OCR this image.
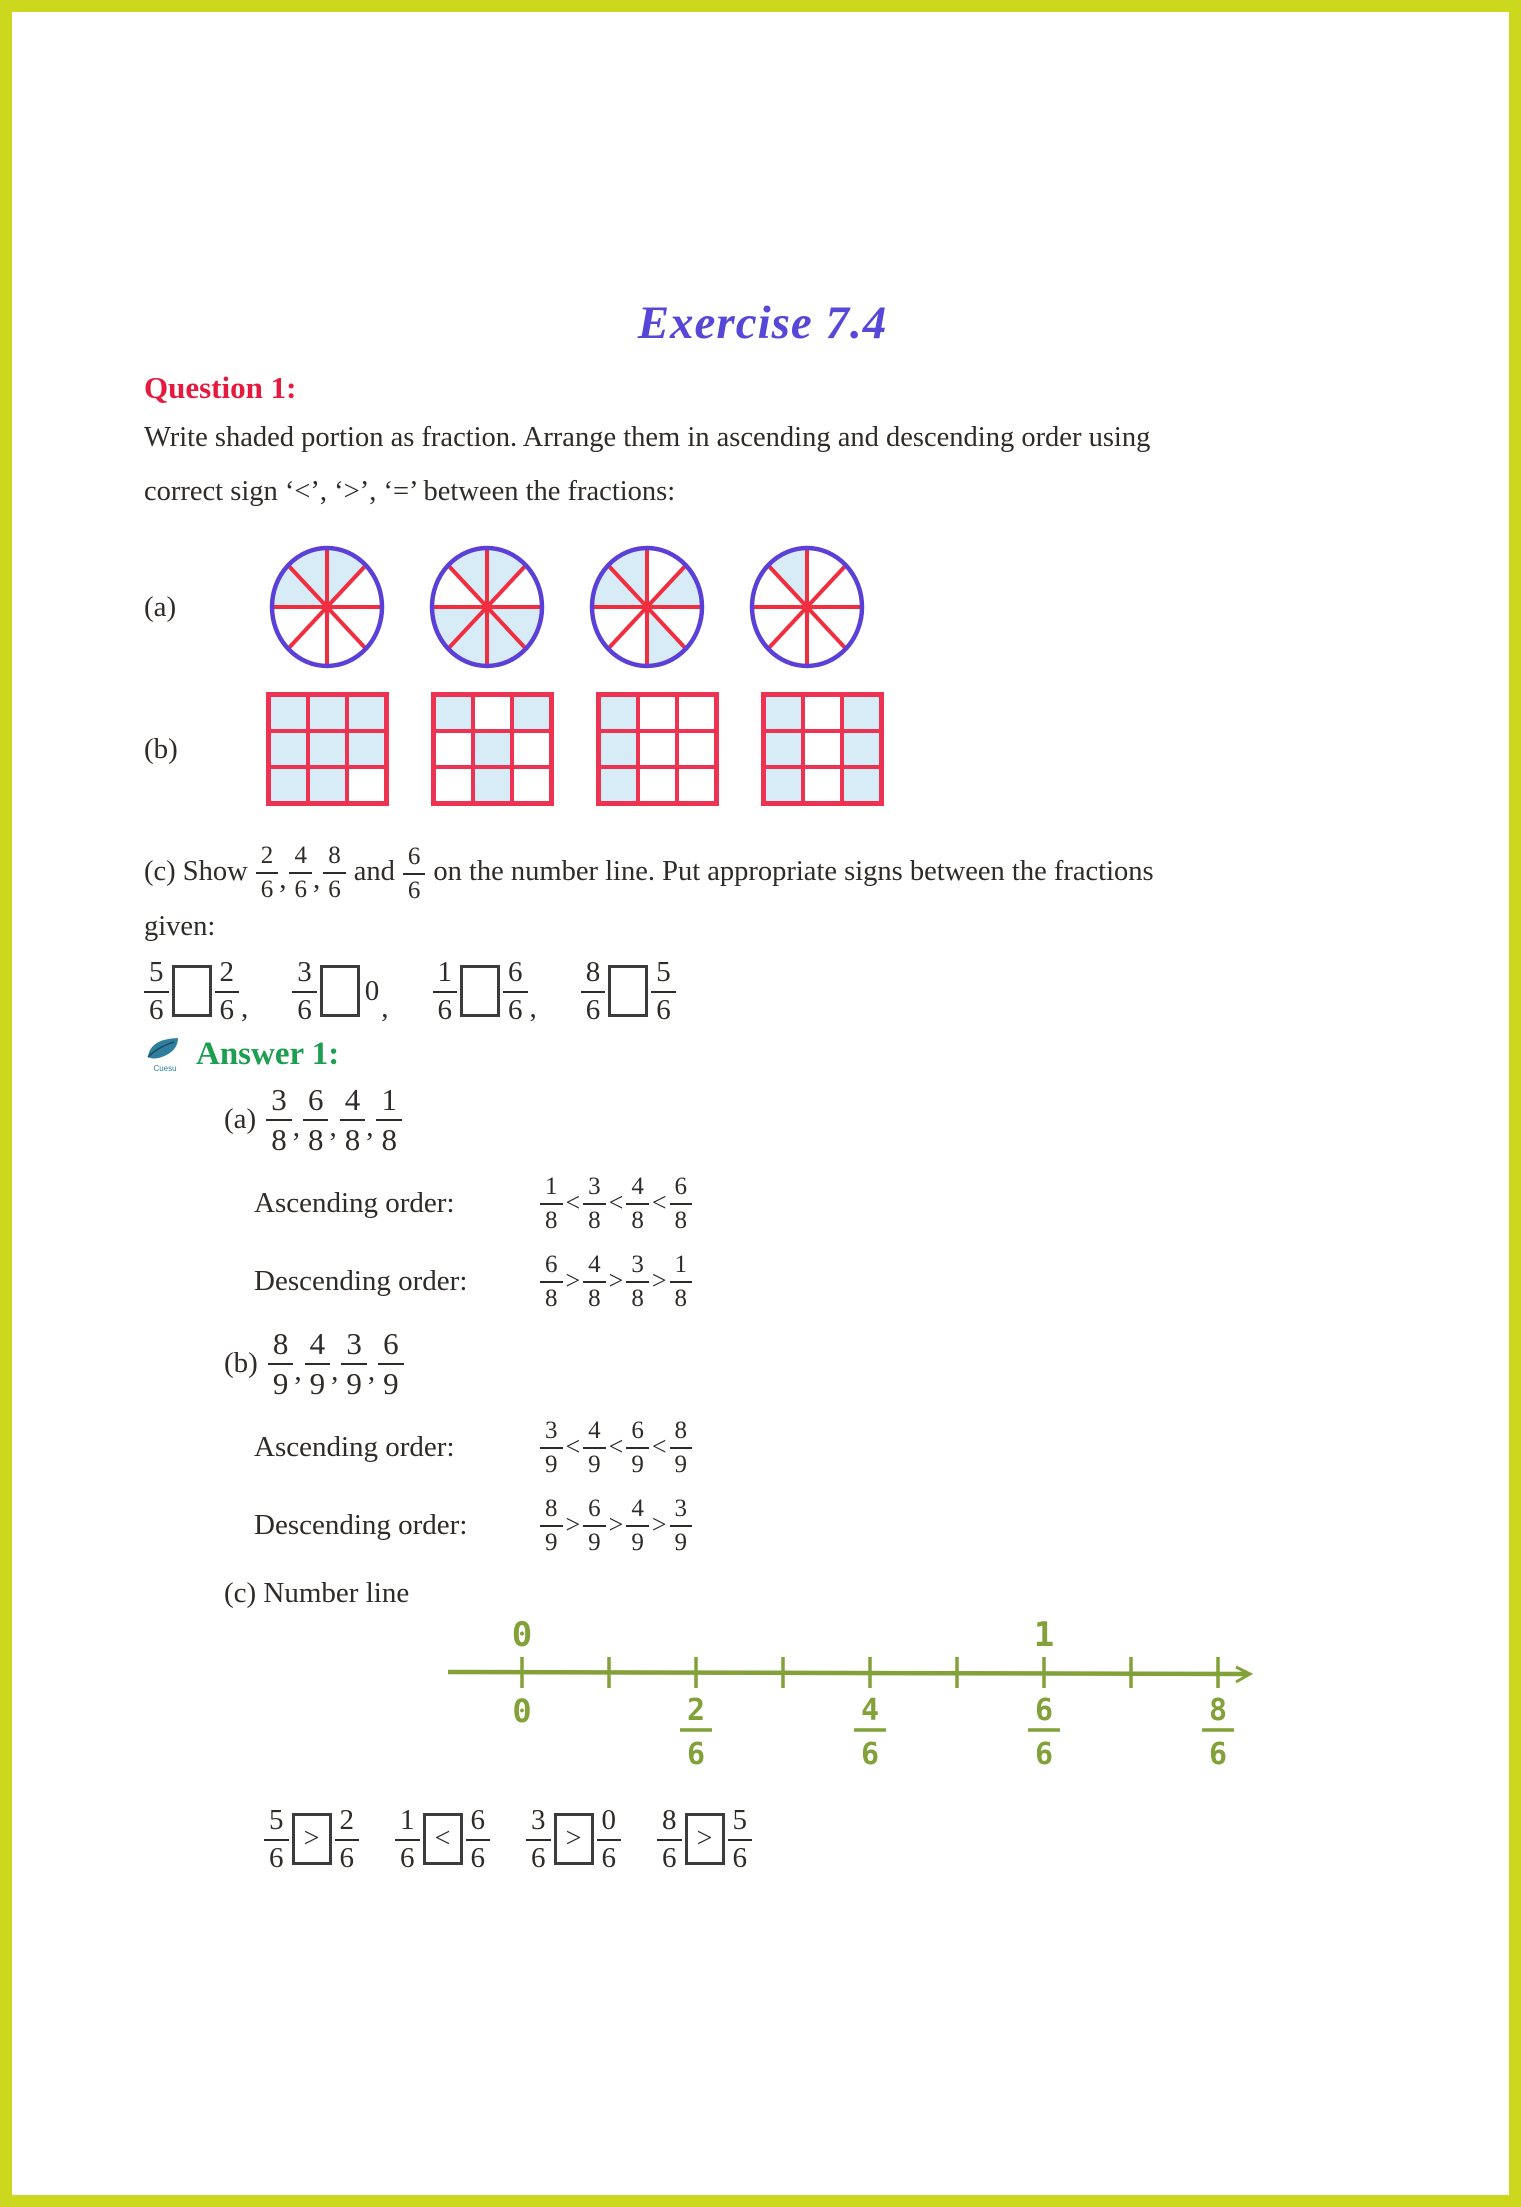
Exercise 7.4
Question 1:

Write shaded portion as fraction. Arrange them in ascending and descending order using

correct sign ‘<’, ‘>’, ‘=’ between the fractions:

(a)
(b)
(c) Show $\frac{2}{6}$ , $\frac{4}{6}$ , $\frac{8}{6}$ and $\frac{6}{6}$ on the number line. Put appropriate signs between the fractions
given:
$\frac{5}{6} \frac{2}{6}$ , $\frac{3}{6} 0$
, $\frac{1}{6} \frac{6}{6}$ , $\frac{8}{6} \frac{5}{6}$
Cuesu Answer 1:
$(a) \frac{3}{8}$ , $\frac{6}{8}$ , $\frac{4}{8}$ , $\frac{1}{8}$
Ascending order:	$\frac{1}{8} < \frac{3}{8} < \frac{4}{8} < \frac{6}{8}$
Descending order:	$\frac{6}{8} > \frac{4}{8} > \frac{3}{8} > \frac{1}{8}$
$(b) \frac{8}{9}$ , $\frac{4}{9}$ , $\frac{3}{9}$ , $\frac{6}{9}$
Ascending order:	$\frac{3}{9} < \frac{4}{9} < \frac{6}{9} < \frac{8}{9}$
Descending order:	$\frac{8}{9} > \frac{6}{9} > \frac{4}{9} > \frac{3}{9}$
(c) Number line
0	1
0	2
6
4
6
6
6
8
6
$\frac{5}{6} > \frac{2}{6} \frac{1}{6} < \frac{6}{6} \frac{3}{6} > \frac{0}{6} \frac{8}{6} > \frac{5}{6}$
